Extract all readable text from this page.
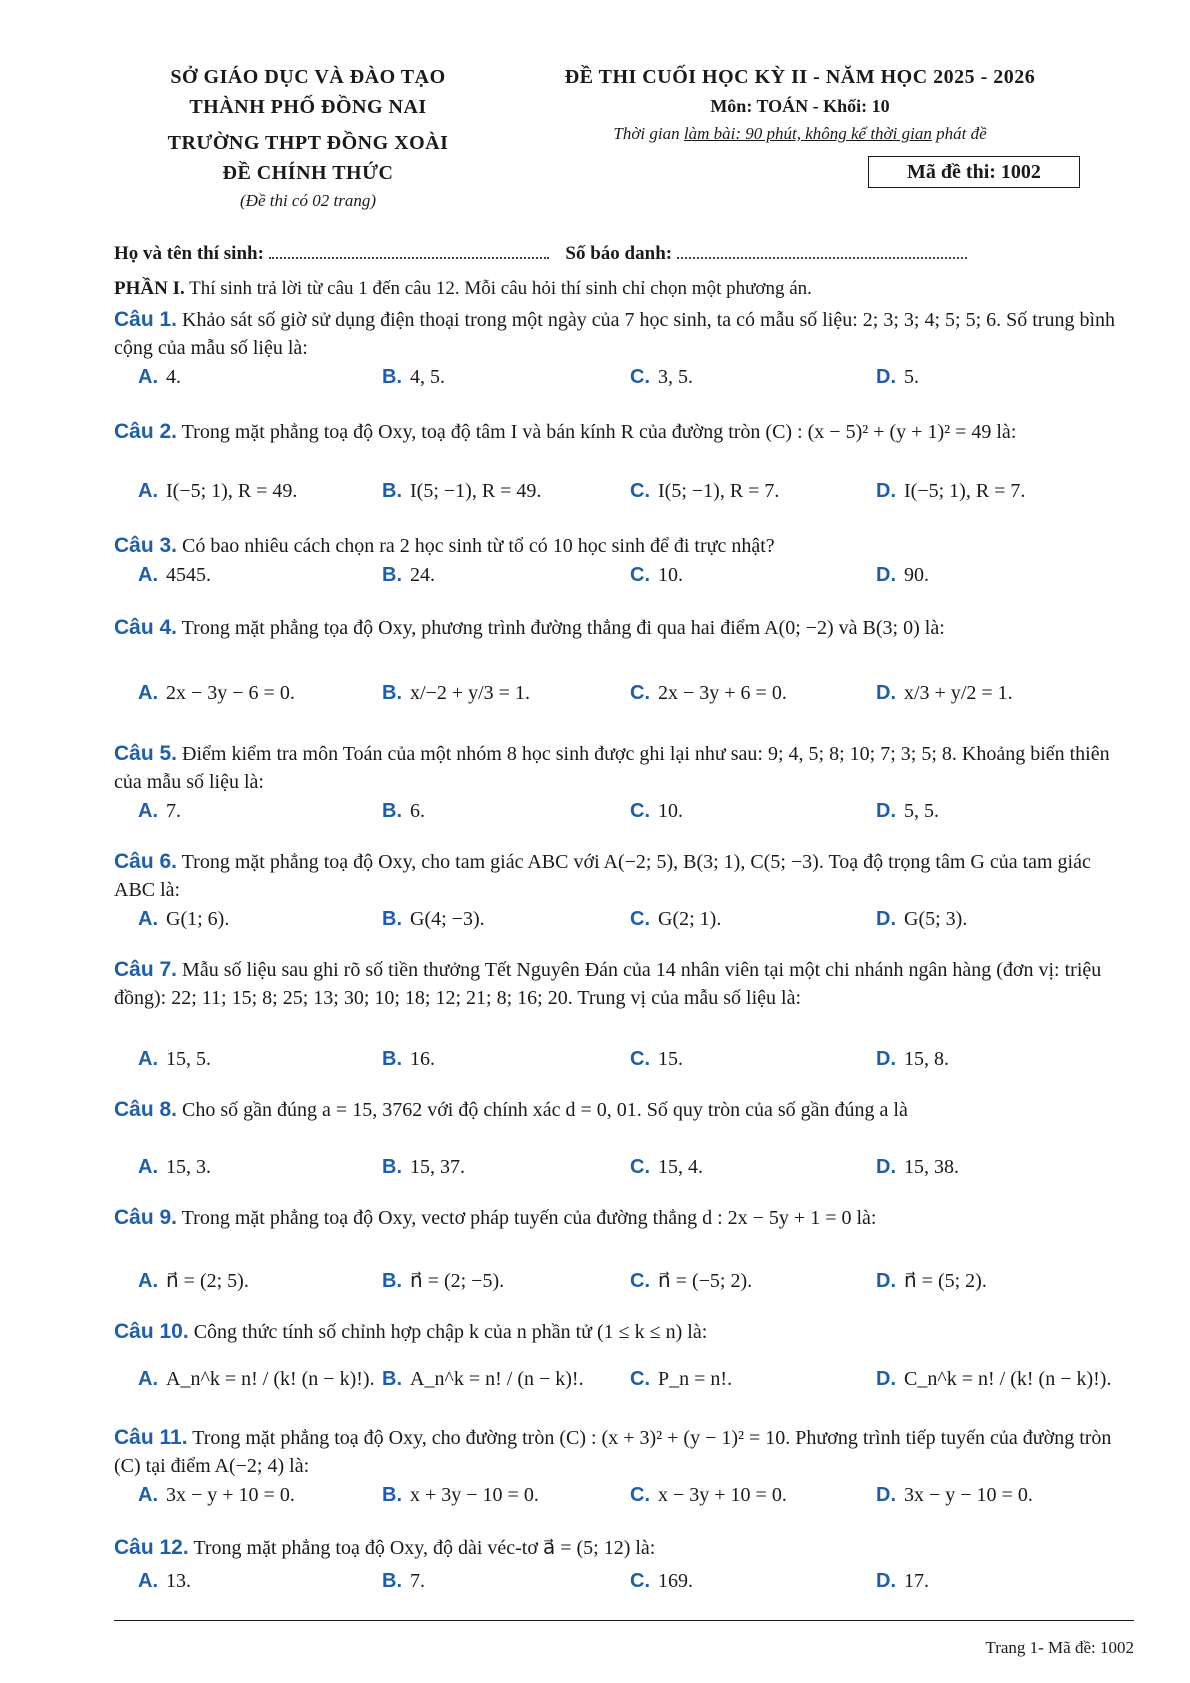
SỞ GIÁO DỤC VÀ ĐÀO TẠO
THÀNH PHỐ ĐỒNG NAI
TRƯỜNG THPT ĐỒNG XOÀI
ĐỀ CHÍNH THỨC
(Đề thi có 02 trang)
ĐỀ THI CUỐI HỌC KỲ II - NĂM HỌC 2025 - 2026
Môn: TOÁN - Khối: 10
Thời gian làm bài: 90 phút, không kể thời gian phát đề
Mã đề thi: 1002
Họ và tên thí sinh:	Số báo danh:
PHẦN I. Thí sinh trả lời từ câu 1 đến câu 12. Mỗi câu hỏi thí sinh chỉ chọn một phương án.
Câu 1. Khảo sát số giờ sử dụng điện thoại trong một ngày của 7 học sinh, ta có mẫu số liệu: 2; 3; 3; 4; 5; 5; 6. Số trung bình cộng của mẫu số liệu là:
A. 4.	B. 4, 5.	C. 3, 5.	D. 5.
Câu 2. Trong mặt phẳng toạ độ Oxy, toạ độ tâm I và bán kính R của đường tròn (C) : (x − 5)² + (y + 1)² = 49 là:
A. I(−5; 1), R = 49.	B. I(5; −1), R = 49.	C. I(5; −1), R = 7.	D. I(−5; 1), R = 7.
Câu 3. Có bao nhiêu cách chọn ra 2 học sinh từ tổ có 10 học sinh để đi trực nhật?
A. 4545.	B. 24.	C. 10.	D. 90.
Câu 4. Trong mặt phẳng tọa độ Oxy, phương trình đường thẳng đi qua hai điểm A(0; −2) và B(3; 0) là:
A. 2x − 3y − 6 = 0.	B. x/−2 + y/3 = 1.	C. 2x − 3y + 6 = 0.	D. x/3 + y/2 = 1.
Câu 5. Điểm kiểm tra môn Toán của một nhóm 8 học sinh được ghi lại như sau: 9; 4, 5; 8; 10; 7; 3; 5; 8. Khoảng biến thiên của mẫu số liệu là:
A. 7.	B. 6.	C. 10.	D. 5, 5.
Câu 6. Trong mặt phẳng toạ độ Oxy, cho tam giác ABC với A(−2; 5), B(3; 1), C(5; −3). Toạ độ trọng tâm G của tam giác ABC là:
A. G(1; 6).	B. G(4; −3).	C. G(2; 1).	D. G(5; 3).
Câu 7. Mẫu số liệu sau ghi rõ số tiền thưởng Tết Nguyên Đán của 14 nhân viên tại một chi nhánh ngân hàng (đơn vị: triệu đồng): 22; 11; 15; 8; 25; 13; 30; 10; 18; 12; 21; 8; 16; 20. Trung vị của mẫu số liệu là:
A. 15, 5.	B. 16.	C. 15.	D. 15, 8.
Câu 8. Cho số gần đúng a = 15, 3762 với độ chính xác d = 0, 01. Số quy tròn của số gần đúng a là
A. 15, 3.	B. 15, 37.	C. 15, 4.	D. 15, 38.
Câu 9. Trong mặt phẳng toạ độ Oxy, vectơ pháp tuyến của đường thẳng d : 2x − 5y + 1 = 0 là:
A. n⃗ = (2; 5).	B. n⃗ = (2; −5).	C. n⃗ = (−5; 2).	D. n⃗ = (5; 2).
Câu 10. Công thức tính số chỉnh hợp chập k của n phần tử (1 ≤ k ≤ n) là:
A. A_n^k = n! / (k! (n − k)!). B. A_n^k = n! / (n − k)!. C. P_n = n!.	D. C_n^k = n! / (k! (n − k)!).
Câu 11. Trong mặt phẳng toạ độ Oxy, cho đường tròn (C) : (x + 3)² + (y − 1)² = 10. Phương trình tiếp tuyến của đường tròn (C) tại điểm A(−2; 4) là:
A. 3x − y + 10 = 0.	B. x + 3y − 10 = 0.	C. x − 3y + 10 = 0.	D. 3x − y − 10 = 0.
Câu 12. Trong mặt phẳng toạ độ Oxy, độ dài véc-tơ a⃗ = (5; 12) là:
A. 13.	B. 7.	C. 169.	D. 17.
Trang 1- Mã đề: 1002
